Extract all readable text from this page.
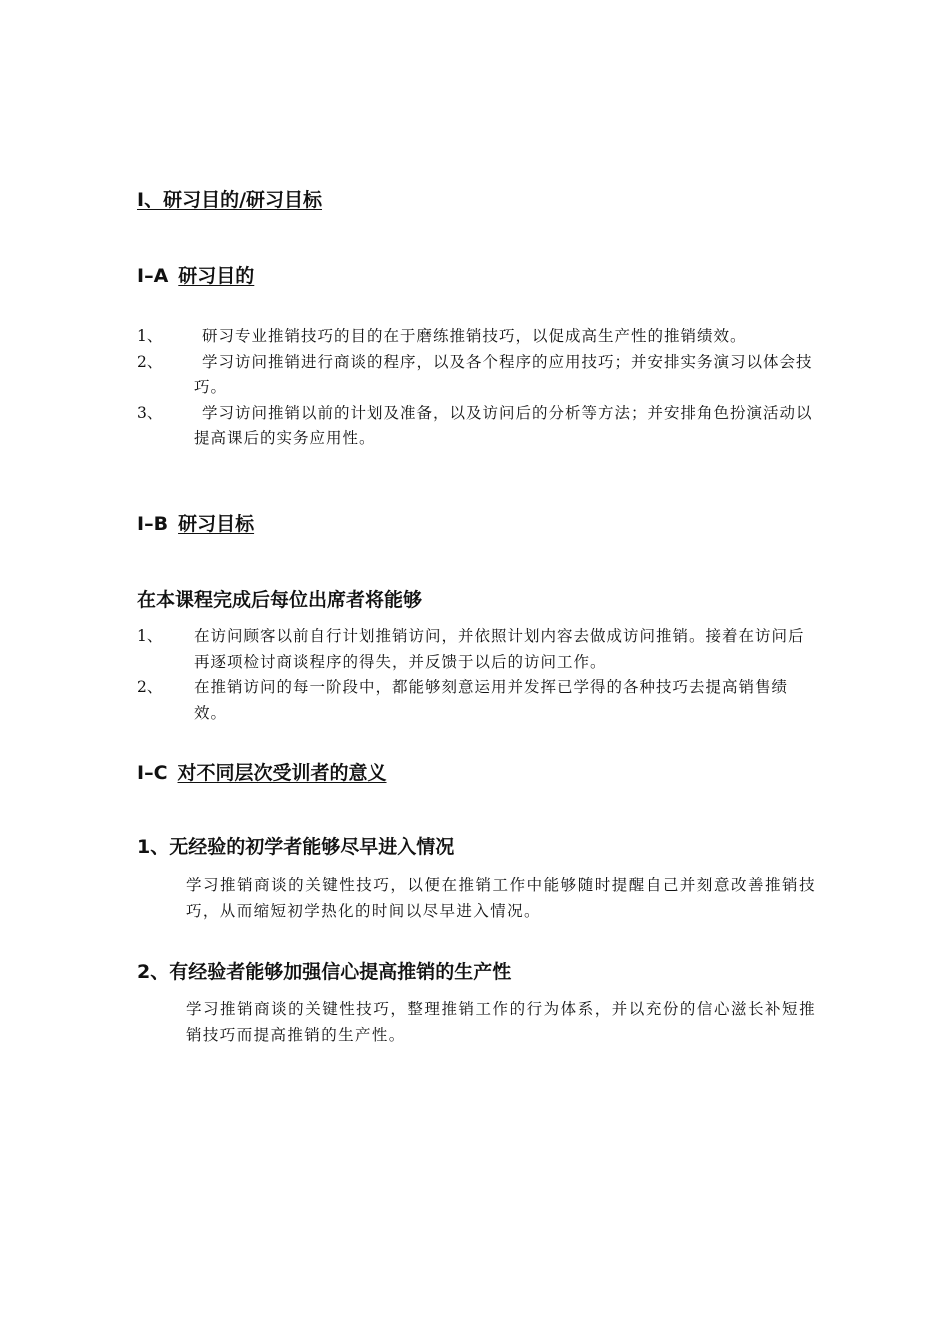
I、研习目的/研习目标
I–A 研习目的
1、	研习专业推销技巧的目的在于磨练推销技巧，以促成高生产性的推销绩效。
2、	学习访问推销进行商谈的程序，以及各个程序的应用技巧；并安排实务演习以体会技巧。
3、	学习访问推销以前的计划及准备，以及访问后的分析等方法；并安排角色扮演活动以提高课后的实务应用性。
I–B 研习目标
在本课程完成后每位出席者将能够
1、 在访问顾客以前自行计划推销访问，并依照计划内容去做成访问推销。接着在访问后再逐项检讨商谈程序的得失，并反馈于以后的访问工作。
2、 在推销访问的每一阶段中，都能够刻意运用并发挥已学得的各种技巧去提高销售绩效。
I–C 对不同层次受训者的意义
1、无经验的初学者能够尽早进入情况

学习推销商谈的关键性技巧，以便在推销工作中能够随时提醒自己并刻意改善推销技巧，从而缩短初学热化的时间以尽早进入情况。

2、有经验者能够加强信心提高推销的生产性

学习推销商谈的关键性技巧，整理推销工作的行为体系，并以充份的信心滋长补短推销技巧而提高推销的生产性。
